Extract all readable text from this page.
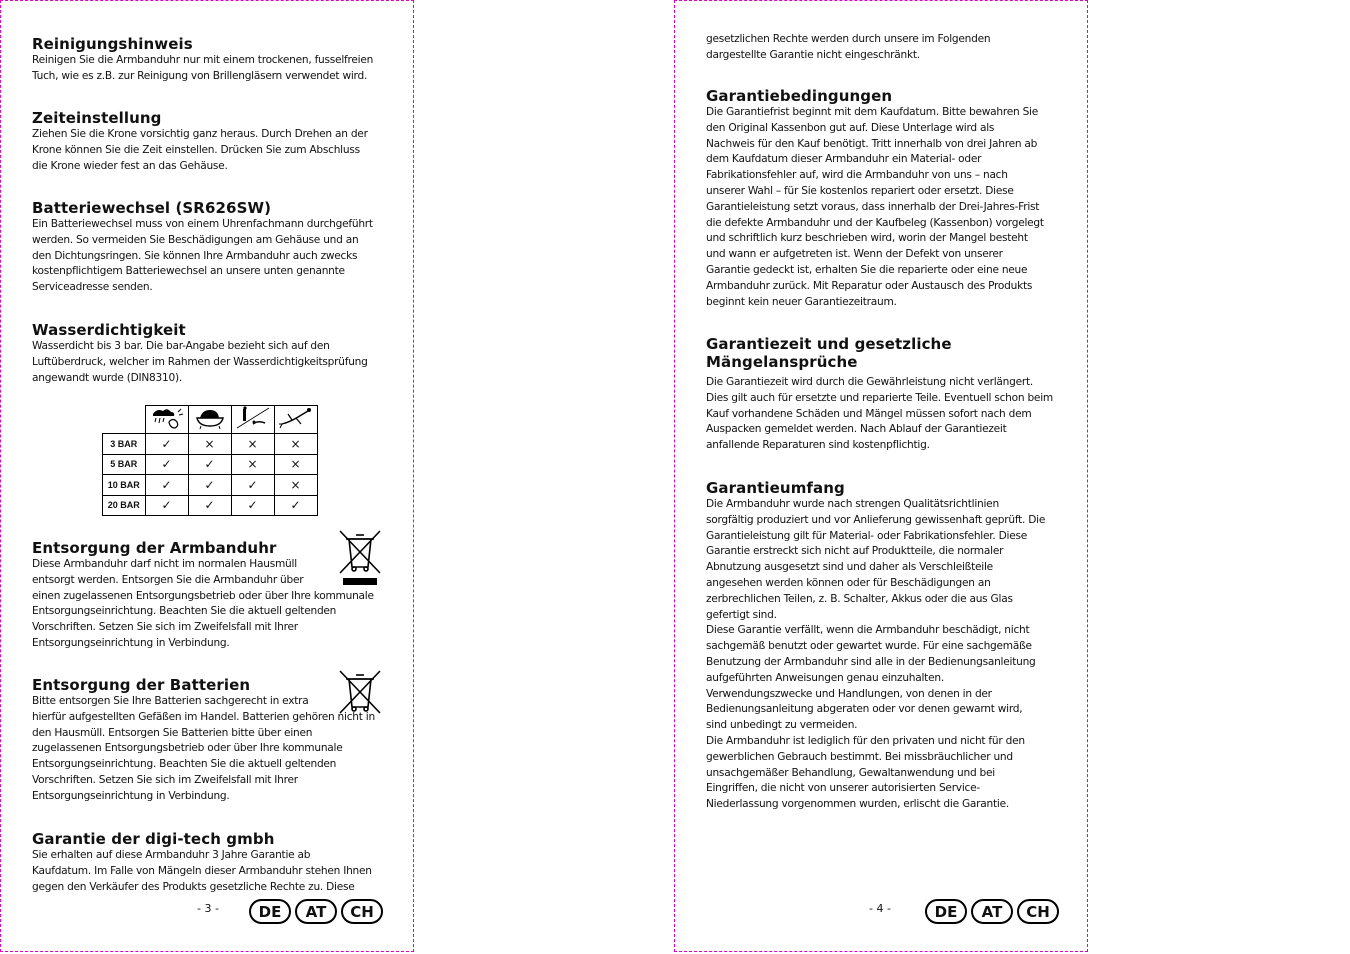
Reinigungshinweis

Reinigen Sie die Armbanduhr nur mit einem trockenen, fusselfreien
Tuch, wie es z.B. zur Reinigung von Brillengläsern verwendet wird.

Zeiteinstellung

Ziehen Sie die Krone vorsichtig ganz heraus. Durch Drehen an der
Krone können Sie die Zeit einstellen. Drücken Sie zum Abschluss
die Krone wieder fest an das Gehäuse.

Batteriewechsel (SR626SW)

Ein Batteriewechsel muss von einem Uhrenfachmann durchgeführt
werden. So vermeiden Sie Beschädigungen am Gehäuse und an
den Dichtungsringen. Sie können Ihre Armbanduhr auch zwecks
kostenpflichtigem Batteriewechsel an unsere unten genannte
Serviceadresse senden.

Wasserdichtigkeit

Wasserdicht bis 3 bar. Die bar-Angabe bezieht sich auf den
Luftüberdruck, welcher im Rahmen der Wasserdichtigkeitsprüfung
angewandt wurde (DIN8310).

3 BAR	✓	×	×	×
5 BAR	✓	✓	×	×
10 BAR	✓	✓	✓	×
20 BAR	✓	✓	✓	✓
Entsorgung der Armbanduhr

Diese Armbanduhr darf nicht im normalen Hausmüll
entsorgt werden. Entsorgen Sie die Armbanduhr über
einen zugelassenen Entsorgungsbetrieb oder über Ihre kommunale
Entsorgungseinrichtung. Beachten Sie die aktuell geltenden
Vorschriften. Setzen Sie sich im Zweifelsfall mit Ihrer
Entsorgungseinrichtung in Verbindung.

Entsorgung der Batterien

Bitte entsorgen Sie Ihre Batterien sachgerecht in extra
hierfür aufgestellten Gefäßen im Handel. Batterien gehören nicht in
den Hausmüll. Entsorgen Sie Batterien bitte über einen
zugelassenen Entsorgungsbetrieb oder über Ihre kommunale
Entsorgungseinrichtung. Beachten Sie die aktuell geltenden
Vorschriften. Setzen Sie sich im Zweifelsfall mit Ihrer
Entsorgungseinrichtung in Verbindung.

Garantie der digi-tech gmbh

Sie erhalten auf diese Armbanduhr 3 Jahre Garantie ab
Kaufdatum. Im Falle von Mängeln dieser Armbanduhr stehen Ihnen
gegen den Verkäufer des Produkts gesetzliche Rechte zu. Diese

- 3 -	DE	AT	CH

gesetzlichen Rechte werden durch unsere im Folgenden
dargestellte Garantie nicht eingeschränkt.

Garantiebedingungen

Die Garantiefrist beginnt mit dem Kaufdatum. Bitte bewahren Sie
den Original Kassenbon gut auf. Diese Unterlage wird als
Nachweis für den Kauf benötigt. Tritt innerhalb von drei Jahren ab
dem Kaufdatum dieser Armbanduhr ein Material- oder
Fabrikationsfehler auf, wird die Armbanduhr von uns – nach
unserer Wahl – für Sie kostenlos repariert oder ersetzt. Diese
Garantieleistung setzt voraus, dass innerhalb der Drei-Jahres-Frist
die defekte Armbanduhr und der Kaufbeleg (Kassenbon) vorgelegt
und schriftlich kurz beschrieben wird, worin der Mangel besteht
und wann er aufgetreten ist. Wenn der Defekt von unserer
Garantie gedeckt ist, erhalten Sie die reparierte oder eine neue
Armbanduhr zurück. Mit Reparatur oder Austausch des Produkts
beginnt kein neuer Garantiezeitraum.

Garantiezeit und gesetzliche
Mängelansprüche

Die Garantiezeit wird durch die Gewährleistung nicht verlängert.
Dies gilt auch für ersetzte und reparierte Teile. Eventuell schon beim
Kauf vorhandene Schäden und Mängel müssen sofort nach dem
Auspacken gemeldet werden. Nach Ablauf der Garantiezeit
anfallende Reparaturen sind kostenpflichtig.

Garantieumfang

Die Armbanduhr wurde nach strengen Qualitätsrichtlinien
sorgfältig produziert und vor Anlieferung gewissenhaft geprüft. Die
Garantieleistung gilt für Material- oder Fabrikationsfehler. Diese
Garantie erstreckt sich nicht auf Produktteile, die normaler
Abnutzung ausgesetzt sind und daher als Verschleißteile
angesehen werden können oder für Beschädigungen an
zerbrechlichen Teilen, z. B. Schalter, Akkus oder die aus Glas
gefertigt sind.
Diese Garantie verfällt, wenn die Armbanduhr beschädigt, nicht
sachgemäß benutzt oder gewartet wurde. Für eine sachgemäße
Benutzung der Armbanduhr sind alle in der Bedienungsanleitung
aufgeführten Anweisungen genau einzuhalten.
Verwendungszwecke und Handlungen, von denen in der
Bedienungsanleitung abgeraten oder vor denen gewarnt wird,
sind unbedingt zu vermeiden.
Die Armbanduhr ist lediglich für den privaten und nicht für den
gewerblichen Gebrauch bestimmt. Bei missbräuchlicher und
unsachgemäßer Behandlung, Gewaltanwendung und bei
Eingriffen, die nicht von unserer autorisierten Service-
Niederlassung vorgenommen wurden, erlischt die Garantie.

- 4 -	DE	AT	CH
